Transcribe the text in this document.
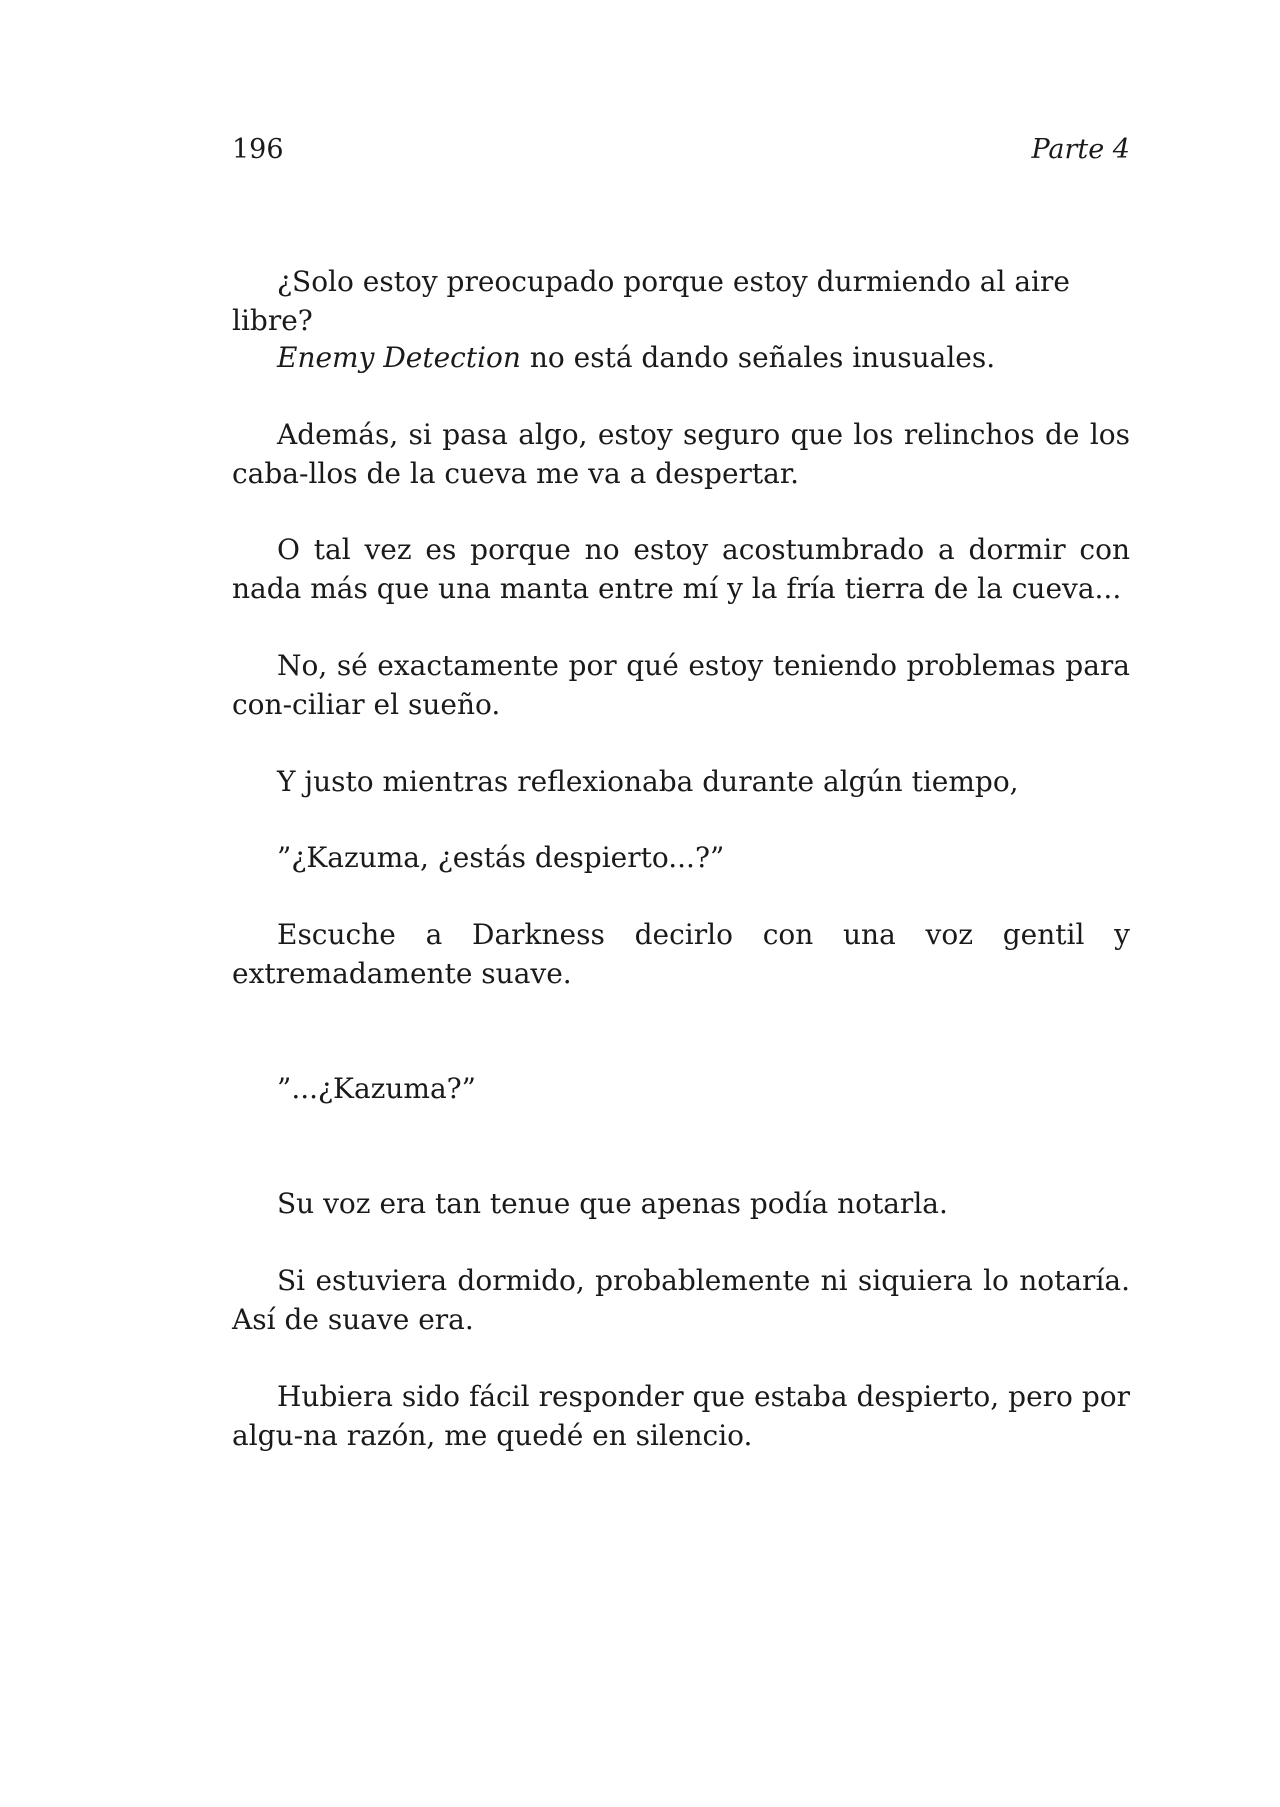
196	Parte 4

¿Solo estoy preocupado porque estoy durmiendo al aire libre?

Enemy Detection no está dando señales inusuales.

Además, si pasa algo, estoy seguro que los relinchos de los caba-llos de la cueva me va a despertar.

O tal vez es porque no estoy acostumbrado a dormir con nada más que una manta entre mí y la fría tierra de la cueva...

No, sé exactamente por qué estoy teniendo problemas para con-ciliar el sueño.

Y justo mientras reflexionaba durante algún tiempo,

”¿Kazuma, ¿estás despierto...?”

Escuche a Darkness decirlo con una voz gentil y extremadamente suave.

”...¿Kazuma?”

Su voz era tan tenue que apenas podía notarla.

Si estuviera dormido, probablemente ni siquiera lo notaría. Así de suave era.

Hubiera sido fácil responder que estaba despierto, pero por algu-na razón, me quedé en silencio.
